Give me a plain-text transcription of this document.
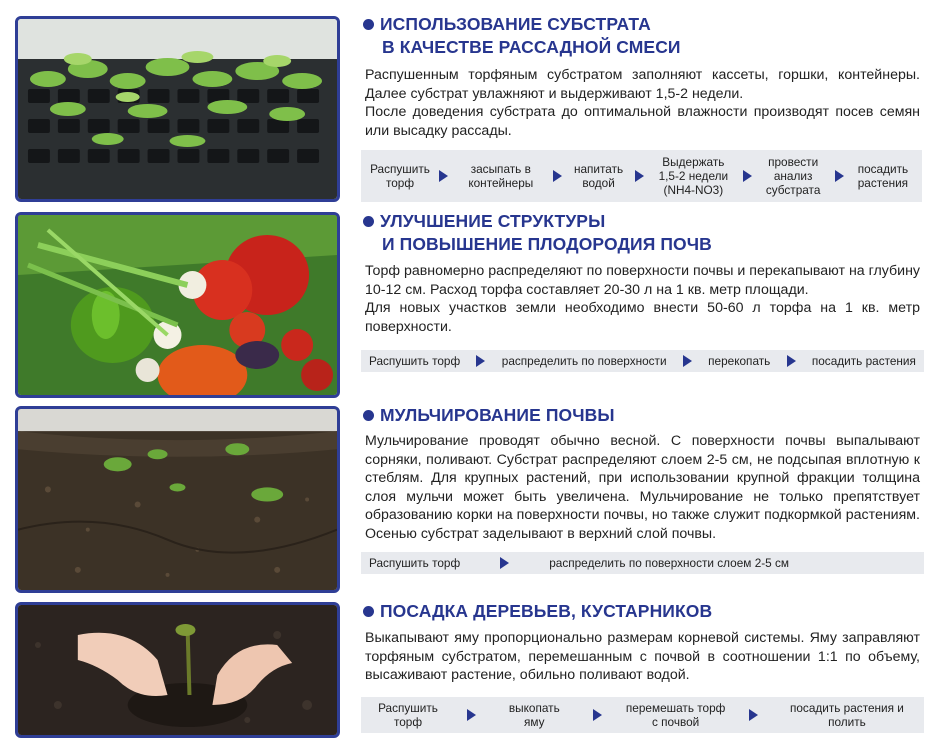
ИСПОЛЬЗОВАНИЕ СУБСТРАТА
В КАЧЕСТВЕ РАССАДНОЙ СМЕСИ

Распушенным торфяным субстратом заполняют кассеты, горшки, контейнеры. Далее субстрат увлажняют и выдерживают 1,5-2 недели.

После доведения субстрата до оптимальной влажности производят посев семян или высадку рассады.

Распушить торф
засыпать в контейнеры
напитать водой
Выдержать 1,5-2 недели (NH4-NO3)
провести анализ субстрата
посадить растения
УЛУЧШЕНИЕ СТРУКТУРЫ
И ПОВЫШЕНИЕ ПЛОДОРОДИЯ ПОЧВ

Торф равномерно распределяют по поверхности почвы и перекапывают на глубину 10-12 см. Расход торфа составляет 20-30 л на 1 кв. метр площади.

Для новых участков земли необходимо внести 50-60 л торфа на 1 кв. метр поверхности.

Распушить торф	распределить по поверхности	перекопать	посадить растения
МУЛЬЧИРОВАНИЕ ПОЧВЫ

Мульчирование проводят обычно весной. С поверхности почвы выпалывают сорняки, поливают. Субстрат распределяют слоем 2-5 см, не подсыпая вплотную к стеблям. Для крупных растений, при использовании крупной фракции толщина слоя мульчи может быть увеличена. Мульчирование не только препятствует образованию корки на поверхности почвы, но также служит подкормкой растениям. Осенью субстрат заделывают в верхний слой почвы.

Распушить торф	распределить по поверхности слоем 2-5 см
ПОСАДКА ДЕРЕВЬЕВ, КУСТАРНИКОВ

Выкапывают яму пропорционально размерам корневой системы. Яму заправляют торфяным субстратом, перемешанным с почвой в соотношении 1:1 по объему, высаживают растение, обильно поливают водой.

Распушить торф
выкопать яму
перемешать торф с почвой
посадить растения и полить
